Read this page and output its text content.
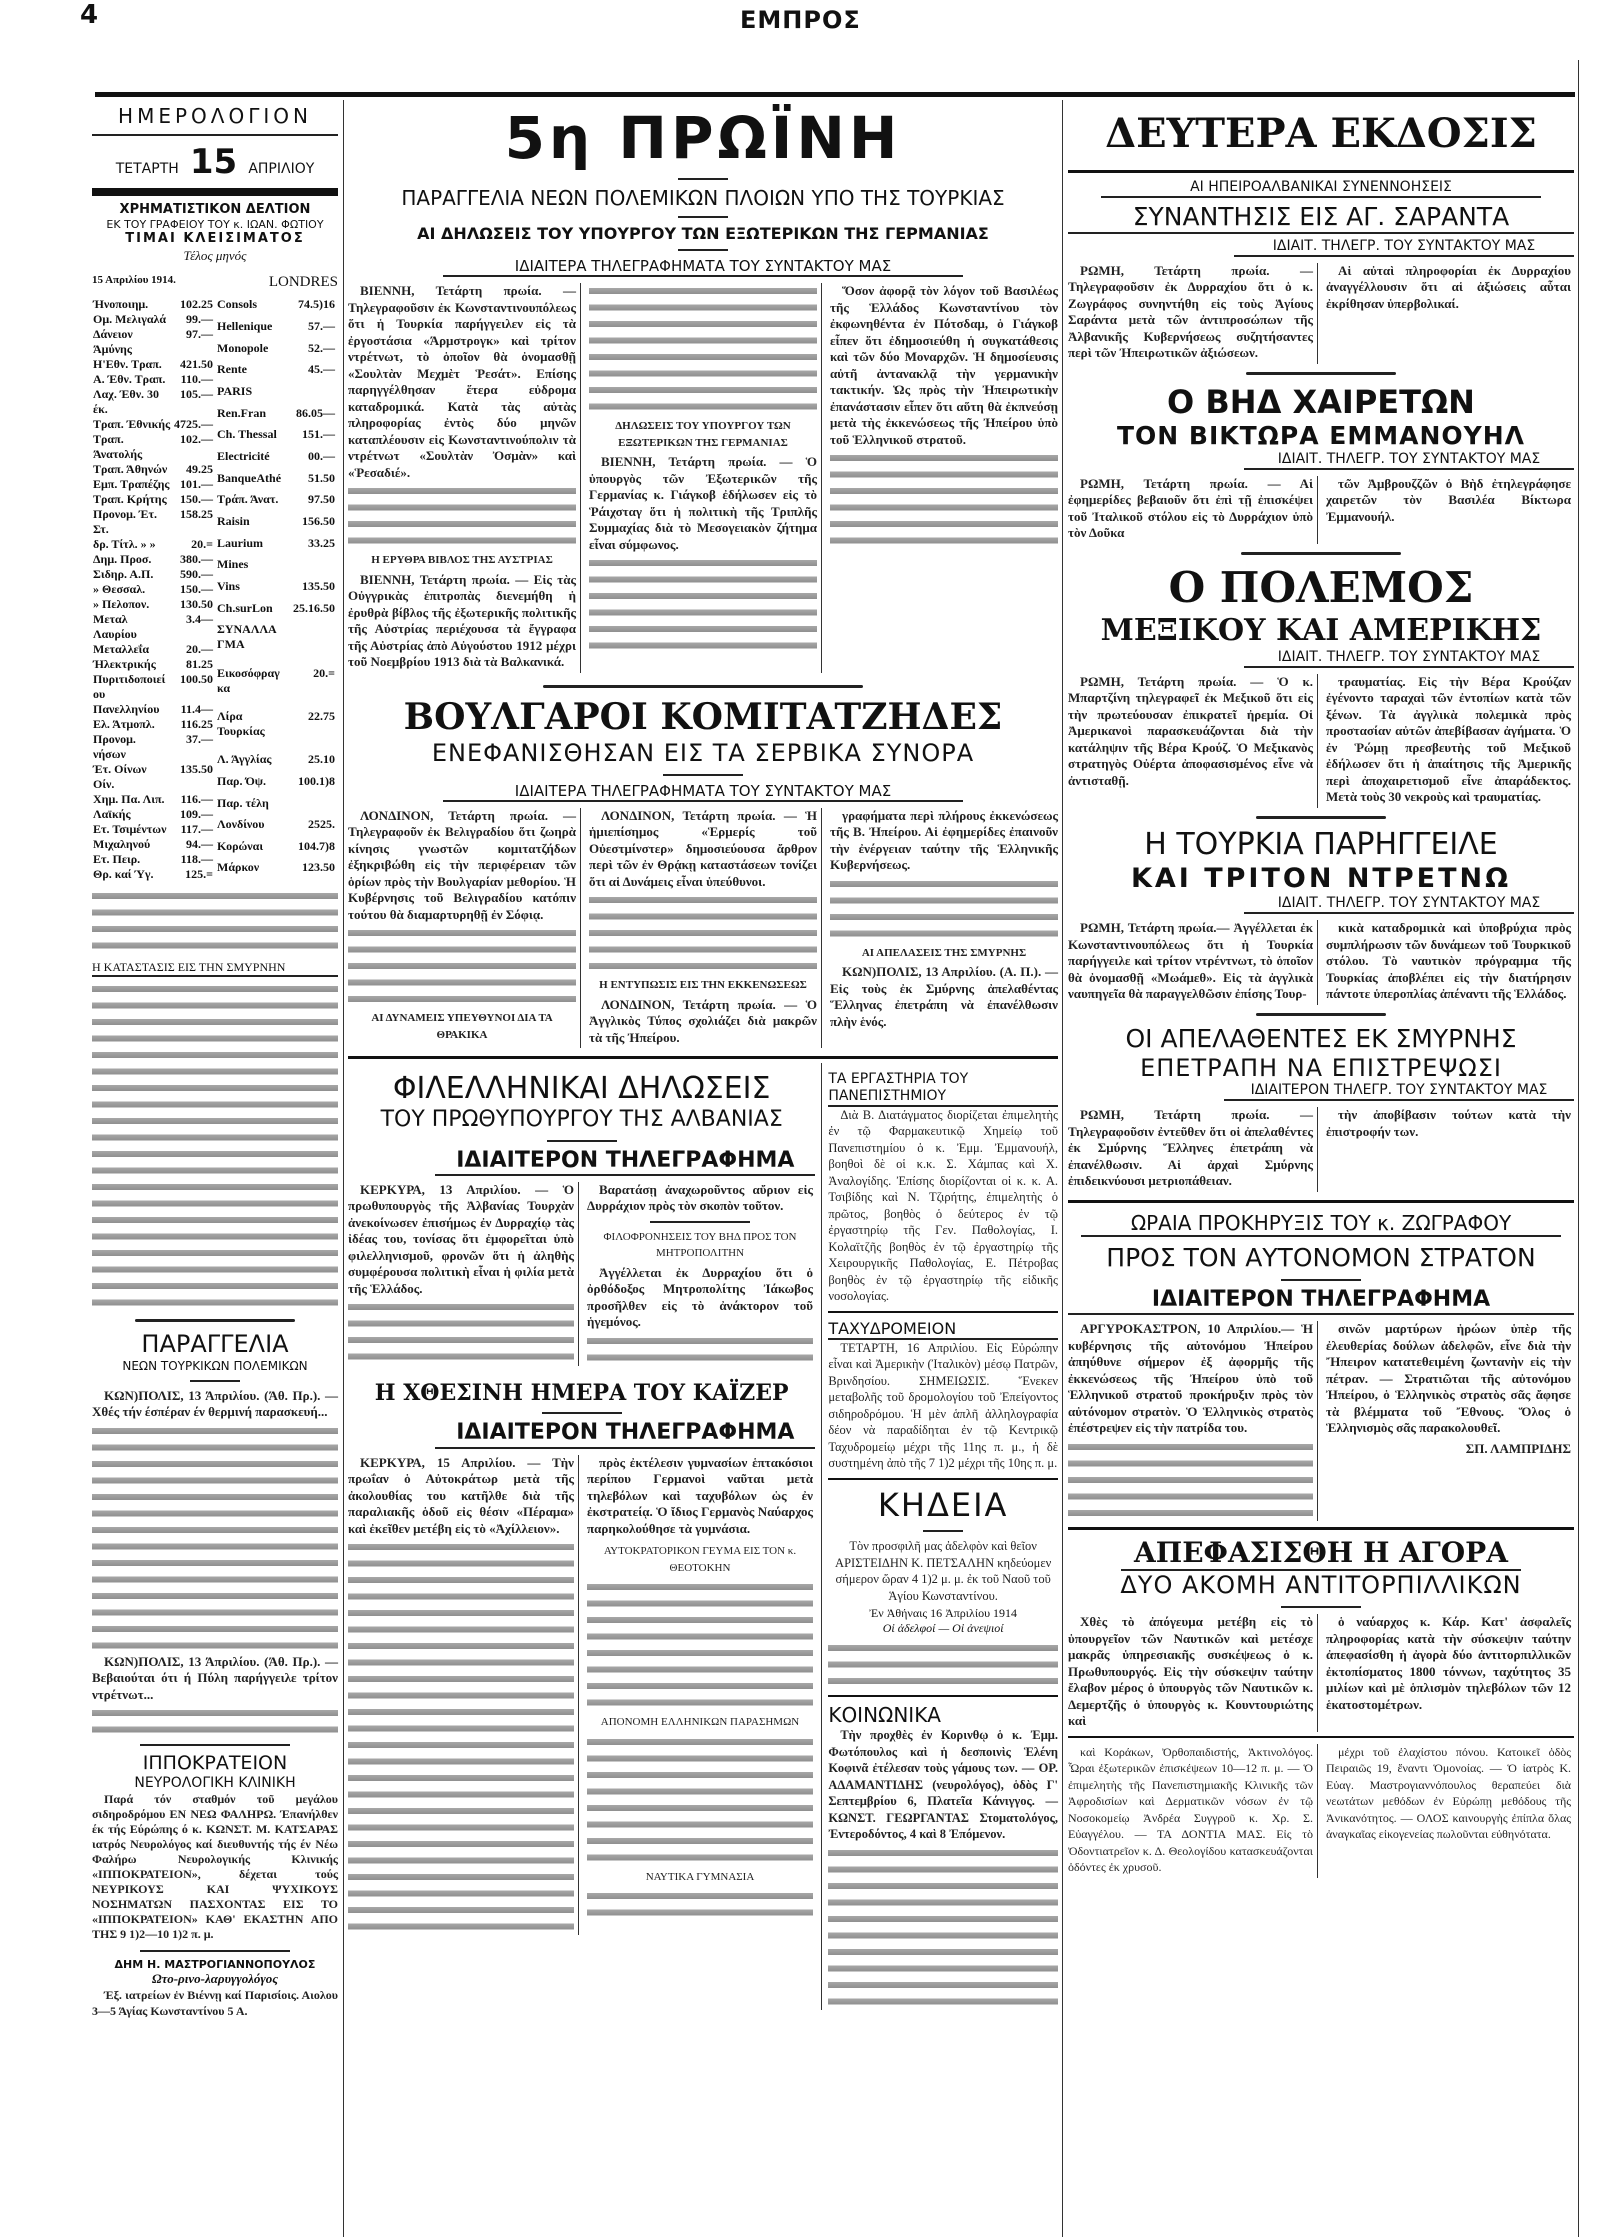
4	ΕΜΠΡΟΣ
ΗΜΕΡΟΛΟΓΙΟΝ
ΤΕΤΑΡΤΗ 15 ΑΠΡΙΛΙΟΥ
ΧΡΗΜΑΤΙΣΤΙΚΟΝ ΔΕΛΤΙΟΝ
ΕΚ ΤΟΥ ΓΡΑΦΕΙΟΥ ΤΟΥ κ. ΙΩΑΝ. ΦΩΤΙΟΥ
ΤΙΜΑΙ ΚΛΕΙΣΙΜΑΤΟΣ
Τέλος μηνός
15 Απριλίου 1914.	LONDRES
Ήνοποιημ.	102.25
Ομ. Μελιγαλά	99.—
Δάνειον Άμύνης	97.—
Η'Εθν. Τραπ.	421.50
Α. Έθν. Τραπ.	110.—
Λαχ. Έθν. 30 έκ.	105.—
Τραπ. Έθνικής	4725.—
Τραπ. Άνατολής	102.—
Τραπ. Άθηνών	49.25
Εμπ. Τραπέζης	101.—
Τραπ. Κρήτης	150.—
Προνομ. Έτ. Στ.	158.25
δρ. Τίτλ. » »	20.=
Δημ. Προσ.	380.—
Σιδηρ. Α.Π.	590.—
» Θεσσαλ.	150.—
» Πελοπον.	130.50
Μεταλ Λαυρίου	3.4—
Μεταλλεΐα	20.—
Ήλεκτρικής	81.25
Πυριτιδοποιείου	100.50
Πανελληνίου	11.4—
Ελ. Άτμοπλ.	116.25
Προνομ. νήσων	37.—
Έτ. Οίνων Οίν.	135.50
Χημ. Πα. Λιπ.	116.—
Λαϊκής	109.—
Ετ. Τσιμέντων	117.—
Μιχαληνού	94.—
Ετ. Πειρ.	118.—
Θρ. καί Ύγ.	125.=
Consols	74.5)16
Hellenique	57.—
Monopole	52.—
Rente	45.—
PARIS	
Ren.Fran	86.05—

Ch. Thessal	151.—
Electricité	00.—
BanqueAthé	51.50
Τράπ. Άνατ.	97.50
Raisin	156.50
Laurium	33.25
Mines	
Vins	135.50
Ch.surLon	25.16.50
ΣΥΝΑΛΛΑΓΜΑ	
Εικοσόφραγκα	20.=
Λίρα Τουρκίας	22.75
Λ. Άγγλίας	25.10
Παρ. Όψ.	100.1)8
Παρ. τέλη	
Λονδίνου	2525.
Κορώναι	104.7)8
Μάρκον	123.50
Η ΚΑΤΑΣΤΑΣΙΣ ΕΙΣ ΤΗΝ ΣΜΥΡΝΗΝ
ΠΑΡΑΓΓΕΛΙΑ
ΝΕΩΝ ΤΟΥΡΚΙΚΩΝ ΠΟΛΕΜΙΚΩΝ

ΚΩΝ)ΠΟΛΙΣ, 13 Άπριλίου. (Άθ. Πρ.). — Χθές τήν έσπέραν έν θερμινή παρασκευή...

ΚΩΝ)ΠΟΛΙΣ, 13 Άπριλίου. (Άθ. Πρ.). — Βεβαιούται ότι ή Πύλη παρήγγειλε τρίτον ντρέτνωτ...

ΙΠΠΟΚΡΑΤΕΙΟΝ
ΝΕΥΡΟΛΟΓΙΚΗ ΚΛΙΝΙΚΗ

Παρά τόν σταθμόν τοῦ μεγάλου σιδηροδρόμου ΕΝ ΝΕΩ ΦΑΛΗΡΩ. Έπανήλθεν έκ τής Εύρώπης ό κ. ΚΩΝΣΤ. Μ. ΚΑΤΣΑΡΑΣ ιατρός Νευρολόγος καί διευθυντής τής έν Νέω Φαλήρω Νευρολογικής Κλινικής «ΙΠΠΟΚΡΑΤΕΙΟΝ», δέχεται τούς ΝΕΥΡΙΚΟΥΣ ΚΑΙ ΨΥΧΙΚΟΥΣ ΝΟΣΗΜΑΤΩΝ ΠΑΣΧΟΝΤΑΣ ΕΙΣ ΤΟ «ΙΠΠΟΚΡΑΤΕΙΟΝ» ΚΑΘ' ΕΚΑΣΤΗΝ ΑΠΟ ΤΗΣ 9 1)2—10 1)2 π. μ.

ΔΗΜ Η. ΜΑΣΤΡΟΓΙΑΝΝΟΠΟΥΛΟΣ
Ωτο-ρινο-λαρυγγολόγος

Έξ. ιατρείων ἐν Βιέννῃ καί Παρισίοις. Αιολου 3—5 Άγίας Κωνσταντίνου 5 Α.

5η ΠΡΩΪΝΗ
ΠΑΡΑΓΓΕΛΙΑ ΝΕΩΝ ΠΟΛΕΜΙΚΩΝ ΠΛΟΙΩΝ ΥΠΟ ΤΗΣ ΤΟΥΡΚΙΑΣ
ΑΙ ΔΗΛΩΣΕΙΣ ΤΟΥ ΥΠΟΥΡΓΟΥ ΤΩΝ ΕΞΩΤΕΡΙΚΩΝ ΤΗΣ ΓΕΡΜΑΝΙΑΣ
ΙΔΙΑΙΤΕΡΑ ΤΗΛΕΓΡΑΦΗΜΑΤΑ ΤΟΥ ΣΥΝΤΑΚΤΟΥ ΜΑΣ

ΒΙΕΝΝΗ, Τετάρτη πρωία. — Τηλεγραφοῦσιν ἐκ Κωνσταντινουπόλεως ὅτι ἡ Τουρκία παρήγγειλεν εἰς τὰ ἐργοστάσια «Άρμστρογκ» καὶ τρίτον ντρέτνωτ, τὸ ὁποῖον θὰ ὀνομασθῇ «Σουλτὰν Μεχμὲτ Ῥεσάτ». Επίσης παρηγγέλθησαν ἕτερα εὐδρομα καταδρομικά. Κατὰ τὰς αὐτὰς πληροφορίας ἐντὸς δύο μηνῶν καταπλέουσιν εἰς Κωνσταντινούπολιν τὰ ντρέτνωτ «Σουλτὰν Ὀσμὰν» καὶ «Ῥεσαδιέ».

Η ΕΡΥΘΡΑ ΒΙΒΛΟΣ ΤΗΣ ΑΥΣΤΡΙΑΣ

ΒΙΕΝΝΗ, Τετάρτη πρωία. — Εἰς τὰς Οὐγγρικὰς ἐπιτροπὰς διενεμήθη ἡ ἐρυθρὰ βίβλος τῆς ἐξωτερικῆς πολιτικῆς τῆς Αὐστρίας περιέχουσα τὰ ἔγγραφα τῆς Αὐστρίας ἀπὸ Αὐγούστου 1912 μέχρι τοῦ Νοεμβρίου 1913 διὰ τὰ Βαλκανικά.

ΔΗΛΩΣΕΙΣ ΤΟΥ ΥΠΟΥΡΓΟΥ ΤΩΝ ΕΞΩΤΕΡΙΚΩΝ ΤΗΣ ΓΕΡΜΑΝΙΑΣ

ΒΙΕΝΝΗ, Τετάρτη πρωία. — Ὁ ὑπουργὸς τῶν Ἐξωτερικῶν τῆς Γερμανίας κ. Γιάγκοβ ἐδήλωσεν εἰς τὸ Ῥάιχσταγ ὅτι ἡ πολιτικὴ τῆς Τριπλῆς Συμμαχίας διὰ τὸ Μεσογειακὸν ζήτημα εἶναι σύμφωνος.

Ὅσον ἀφορᾷ τὸν λόγον τοῦ Βασιλέως τῆς Ἑλλάδος Κωνσταντίνου τὸν ἐκφωνηθέντα ἐν Πότσδαμ, ὁ Γιάγκοβ εἶπεν ὅτι ἐδημοσιεύθη ἡ συγκατάθεσις καὶ τῶν δύο Μοναρχῶν. Ἡ δημοσίευσις αὐτῆ ἀντανακλᾷ τὴν γερμανικὴν τακτικήν. Ὡς πρὸς τὴν Ἠπειρωτικὴν ἐπανάστασιν εἶπεν ὅτι αὕτη θὰ ἐκπνεύσῃ μετὰ τὴς ἐκκενώσεως τῆς Ἠπείρου ὑπὸ τοῦ Ἑλληνικοῦ στρατοῦ.

ΒΟΥΛΓΑΡΟΙ ΚΟΜΙΤΑΤΖΗΔΕΣ
ΕΝΕΦΑΝΙΣΘΗΣΑΝ ΕΙΣ ΤΑ ΣΕΡΒΙΚΑ ΣΥΝΟΡΑ
ΙΔΙΑΙΤΕΡΑ ΤΗΛΕΓΡΑΦΗΜΑΤΑ ΤΟΥ ΣΥΝΤΑΚΤΟΥ ΜΑΣ

ΛΟΝΔΙΝΟΝ, Τετάρτη πρωία. — Τηλεγραφοῦν ἐκ Βελιγραδίου ὅτι ζωηρὰ κίνησις γνωστῶν κομιτατζήδων ἐξηκριβώθη εἰς τὴν περιφέρειαν τῶν ὁρίων πρὸς τὴν Βουλγαρίαν μεθορίου. Ἡ Κυβέρνησις τοῦ Βελιγραδίου κατόπιν τούτου θὰ διαμαρτυρηθῇ ἐν Σόφιᾳ.

ΑΙ ΔΥΝΑΜΕΙΣ ΥΠΕΥΘΥΝΟΙ ΔΙΑ ΤΑ ΘΡΑΚΙΚΑ

ΛΟΝΔΙΝΟΝ, Τετάρτη πρωία. — Ἡ ἡμιεπίσημος «Ἑρμερίς τοῦ Οὐεστμίνστερ» δημοσιεύουσα ἄρθρον περὶ τῶν ἐν Θρᾴκῃ καταστάσεων τονίζει ὅτι αἱ Δυνάμεις εἶναι ὑπεύθυνοι.

Η ΕΝΤΥΠΩΣΙΣ ΕΙΣ ΤΗΝ ΕΚΚΕΝΩΣΕΩΣ

ΛΟΝΔΙΝΟΝ, Τετάρτη πρωία. — Ὁ Ἀγγλικὸς Τύπος σχολιάζει διὰ μακρῶν τὰ τῆς Ἠπείρου.

γραφήματα περὶ πλήρους ἐκκενώσεως τῆς Β. Ἠπείρου. Αἱ ἐφημερίδες ἐπαινοῦν τὴν ἐνέργειαν ταύτην τῆς Ἑλληνικῆς Κυβερνήσεως.

ΑΙ ΑΠΕΛΑΣΕΙΣ ΤΗΣ ΣΜΥΡΝΗΣ

ΚΩΝ)ΠΟΛΙΣ, 13 Απριλίου. (Α. Π.). — Εἰς τοὺς ἐκ Σμύρνης ἀπελαθέντας Ἕλληνας ἐπετράπη νὰ ἐπανέλθωσιν πλὴν ἑνός.

ΦΙΛΕΛΛΗΝΙΚΑΙ ΔΗΛΩΣΕΙΣ
ΤΟΥ ΠΡΩΘΥΠΟΥΡΓΟΥ ΤΗΣ ΑΛΒΑΝΙΑΣ
ΙΔΙΑΙΤΕΡΟΝ ΤΗΛΕΓΡΑΦΗΜΑ

ΚΕΡΚΥΡΑ, 13 Απριλίου. — Ὁ πρωθυπουργὸς τῆς Ἀλβανίας Τουρχὰν ἀνεκοίνωσεν ἐπισήμως ἐν Δυρραχίῳ τὰς ἰδέας του, τονίσας ὅτι ἐμφορεῖται ὑπὸ φιλελληνισμοῦ, φρονῶν ὅτι ἡ ἀληθὴς συμφέρουσα πολιτικὴ εἶναι ἡ φιλία μετὰ τῆς Ἑλλάδος.

Βαρατάσῃ ἀναχωροῦντος αὔριον εἰς Δυρράχιον πρὸς τὸν σκοπὸν τοῦτον.

ΦΙΛΟΦΡΟΝΗΣΕΙΣ ΤΟΥ ΒΗΔ ΠΡΟΣ ΤΟΝ ΜΗΤΡΟΠΟΛΙΤΗΝ

Ἀγγέλλεται ἐκ Δυρραχίου ὅτι ὁ ὀρθόδοξος Μητροπολίτης Ἰάκωβος προσῆλθεν εἰς τὸ ἀνάκτορον τοῦ ἡγεμόνος.

Η ΧΘΕΣΙΝΗ ΗΜΕΡΑ ΤΟΥ ΚΑΪΖΕΡ
ΙΔΙΑΙΤΕΡΟΝ ΤΗΛΕΓΡΑΦΗΜΑ

ΚΕΡΚΥΡΑ, 15 Απριλίου. — Τὴν πρωΐαν ὁ Αὐτοκράτωρ μετὰ τῆς ἀκολουθίας του κατῆλθε διὰ τῆς παραλιακῆς ὁδοῦ εἰς θέσιν «Πέραμα» καὶ ἐκεῖθεν μετέβη εἰς τὸ «Ἀχίλλειον».

πρὸς ἐκτέλεσιν γυμνασίων ἑπτακόσιοι περίπου Γερμανοὶ ναῦται μετὰ τηλεβόλων καὶ ταχυβόλων ὡς ἐν ἐκστρατείᾳ. Ὁ ἴδιος Γερμανὸς Ναύαρχος παρηκολούθησε τὰ γυμνάσια.

ΑΥΤΟΚΡΑΤΟΡΙΚΟΝ ΓΕΥΜΑ ΕΙΣ ΤΟΝ κ. ΘΕΟΤΟΚΗΝ
ΑΠΟΝΟΜΗ ΕΛΛΗΝΙΚΩΝ ΠΑΡΑΣΗΜΩΝ
ΝΑΥΤΙΚΑ ΓΥΜΝΑΣΙΑ
ΤΑ ΕΡΓΑΣΤΗΡΙΑ ΤΟΥ ΠΑΝΕΠΙΣΤΗΜΙΟΥ

Διὰ Β. Διατάγματος διορίζεται ἐπιμελητὴς ἐν τῷ Φαρμακευτικῷ Χημείῳ τοῦ Πανεπιστημίου ὁ κ. Ἐμμ. Ἐμμανουήλ, βοηθοὶ δὲ οἱ κ.κ. Σ. Χάμπας καὶ Χ. Ἀναλογίδης. Ἐπίσης διορίζονται οἱ κ. κ. Α. Τσιβίδης καὶ Ν. Τζιρήτης, ἐπιμελητὴς ὁ πρῶτος, βοηθὸς ὁ δεύτερος ἐν τῷ ἐργαστηρίῳ τῆς Γεν. Παθολογίας, Ι. Κολαϊτζῆς βοηθὸς ἐν τῷ ἐργαστηρίῳ τῆς Χειρουργικῆς Παθολογίας, Ε. Πέτροβας βοηθὸς ἐν τῷ ἐργαστηρίῳ τῆς εἰδικῆς νοσολογίας.

ΤΑΧΥΔΡΟΜΕΙΟΝ

ΤΕΤΑΡΤΗ, 16 Απριλίου. Εἰς Εὐρώπην εἶναι καὶ Ἀμερικὴν (Ἰταλικὸν) μέσῳ Πατρῶν, Βρινδησίου. ΣΗΜΕΙΩΣΙΣ. Ἕνεκεν μεταβολῆς τοῦ δρομολογίου τοῦ Ἐπείγοντος σιδηροδρόμου. Ἡ μὲν ἁπλῆ ἀλληλογραφία δέον νὰ παραδίδηται ἐν τῷ Κεντρικῷ Ταχυδρομείῳ μέχρι τῆς 11ης π. μ., ἡ δὲ συστημένη ἀπὸ τῆς 7 1)2 μέχρι τῆς 10ης π. μ.

ΚΗΔΕΙΑ

Τὸν προσφιλῆ μας ἀδελφὸν καὶ θεῖον ΑΡΙΣΤΕΙΔΗΝ Κ. ΠΕΤΣΑΛΗΝ κηδεύομεν σήμερον ὥραν 4 1)2 μ. μ. ἐκ τοῦ Ναοῦ τοῦ Ἁγίου Κωνσταντίνου.

Ἐν Ἀθήναις 16 Ἀπριλίου 1914
Οἱ ἀδελφοί — Οἱ ἀνεψιοί
ΚΟΙΝΩΝΙΚΑ

Τὴν προχθὲς ἐν Κορινθῳ ὁ κ. Ἐμμ. Φωτόπουλος καὶ ἡ δεσποινὶς Ἑλένη Κοφινᾶ ἐτέλεσαν τοὺς γάμους των. — ΟΡ. ΑΔΑΜΑΝΤΙΔΗΣ (νευρολόγος), ὁδὸς Γ' Σεπτεμβρίου 6, Πλατεῖα Κάνιγγος. — ΚΩΝΣΤ. ΓΕΩΡΓΑΝΤΑΣ Στοματολόγος, Ἐντεροδόντος, 4 καὶ 8 Ἐπόμενον.

ΔΕΥΤΕΡΑ ΕΚΔΟΣΙΣ
ΑΙ ΗΠΕΙΡΟΑΛΒΑΝΙΚΑΙ ΣΥΝΕΝΝΟΗΣΕΙΣ
ΣΥΝΑΝΤΗΣΙΣ ΕΙΣ ΑΓ. ΣΑΡΑΝΤΑ
ΙΔΙΑΙΤ. ΤΗΛΕΓΡ. ΤΟΥ ΣΥΝΤΑΚΤΟΥ ΜΑΣ

ΡΩΜΗ, Τετάρτη πρωία. — Τηλεγραφοῦσιν ἐκ Δυρραχίου ὅτι ὁ κ. Ζωγράφος συνηντήθη εἰς τοὺς Ἁγίους Σαράντα μετὰ τῶν ἀντιπροσώπων τῆς Ἀλβανικῆς Κυβερνήσεως συζητήσαντες περὶ τῶν Ἠπειρωτικῶν ἀξιώσεων.

Αἱ αὐταὶ πληροφορίαι ἐκ Δυρραχίου ἀναγγέλλουσιν ὅτι αἱ ἀξιώσεις αὗται ἐκρίθησαν ὑπερβολικαί.

Ο ΒΗΔ ΧΑΙΡΕΤΩΝ
ΤΟΝ ΒΙΚΤΩΡΑ ΕΜΜΑΝΟΥΗΛ
ΙΔΙΑΙΤ. ΤΗΛΕΓΡ. ΤΟΥ ΣΥΝΤΑΚΤΟΥ ΜΑΣ

ΡΩΜΗ, Τετάρτη πρωία. — Αἱ ἐφημερίδες βεβαιοῦν ὅτι ἐπὶ τῇ ἐπισκέψει τοῦ Ἰταλικοῦ στόλου εἰς τὸ Δυρράχιον ὑπὸ τὸν Δοῦκα

τῶν Ἀμβρουζζῶν ὁ Βὴδ ἐτηλεγράφησε χαιρετῶν τὸν Βασιλέα Βίκτωρα Ἐμμανουήλ.

Ο ΠΟΛΕΜΟΣ
ΜΕΞΙΚΟΥ ΚΑΙ ΑΜΕΡΙΚΗΣ
ΙΔΙΑΙΤ. ΤΗΛΕΓΡ. ΤΟΥ ΣΥΝΤΑΚΤΟΥ ΜΑΣ

ΡΩΜΗ, Τετάρτη πρωία. — Ὁ κ. Μπαρτζίνη τηλεγραφεῖ ἐκ Μεξικοῦ ὅτι εἰς τὴν πρωτεύουσαν ἐπικρατεῖ ἠρεμία. Οἱ Ἀμερικανοὶ παρασκευάζονται διὰ τὴν κατάληψιν τῆς Βέρα Κρούζ. Ὁ Μεξικανὸς στρατηγὸς Οὐέρτα ἀποφασισμένος εἶνε νὰ ἀντισταθῇ.

τραυματίας. Εἰς τὴν Βέρα Κρούζαν ἐγένοντο ταραχαὶ τῶν ἐντοπίων κατὰ τῶν ξένων. Τὰ ἀγγλικὰ πολεμικὰ πρὸς προστασίαν αὐτῶν ἀπεβίβασαν ἀγήματα. Ὁ ἐν Ῥώμῃ πρεσβευτὴς τοῦ Μεξικοῦ ἐδήλωσεν ὅτι ἡ ἀπαίτησις τῆς Ἀμερικῆς περὶ ἀποχαιρετισμοῦ εἶνε ἀπαράδεκτος. Μετὰ τοὺς 30 νεκροὺς καὶ τραυματίας.

Η ΤΟΥΡΚΙΑ ΠΑΡΗΓΓΕΙΛΕ
ΚΑΙ ΤΡΙΤΟΝ ΝΤΡΕΤΝΩ
ΙΔΙΑΙΤ. ΤΗΛΕΓΡ. ΤΟΥ ΣΥΝΤΑΚΤΟΥ ΜΑΣ

ΡΩΜΗ, Τετάρτη πρωία.— Ἀγγέλλεται ἐκ Κωνσταντινουπόλεως ὅτι ἡ Τουρκία παρήγγειλε καὶ τρίτον ντρέντνωτ, τὸ ὁποῖον θὰ ὀνομασθῇ «Μωάμεθ». Εἰς τὰ ἀγγλικὰ ναυπηγεῖα θὰ παραγγελθῶσιν ἐπίσης Τουρ-

κικὰ καταδρομικὰ καὶ ὑποβρύχια πρὸς συμπλήρωσιν τῶν δυνάμεων τοῦ Τουρκικοῦ στόλου. Τὸ ναυτικὸν πρόγραμμα τῆς Τουρκίας ἀποβλέπει εἰς τὴν διατήρησιν πάντοτε ὑπεροπλίας ἀπέναντι τῆς Ἑλλάδος.

ΟΙ ΑΠΕΛΑΘΕΝΤΕΣ ΕΚ ΣΜΥΡΝΗΣ
ΕΠΕΤΡΑΠΗ ΝΑ ΕΠΙΣΤΡΕΨΩΣΙ
ΙΔΙΑΙΤΕΡΟΝ ΤΗΛΕΓΡ. ΤΟΥ ΣΥΝΤΑΚΤΟΥ ΜΑΣ

ΡΩΜΗ, Τετάρτη πρωία. — Τηλεγραφοῦσιν ἐντεῦθεν ὅτι οἱ ἀπελαθέντες ἐκ Σμύρνης Ἕλληνες ἐπετράπη νὰ ἐπανέλθωσιν. Αἱ ἀρχαὶ Σμύρνης ἐπιδεικνύουσι μετριοπάθειαν.

τὴν ἀποβίβασιν τούτων κατὰ τὴν ἐπιστροφήν των.

ΩΡΑΙΑ ΠΡΟΚΗΡΥΞΙΣ ΤΟΥ κ. ΖΩΓΡΑΦΟΥ
ΠΡΟΣ ΤΟΝ ΑΥΤΟΝΟΜΟΝ ΣΤΡΑΤΟΝ
ΙΔΙΑΙΤΕΡΟΝ ΤΗΛΕΓΡΑΦΗΜΑ

ΑΡΓΥΡΟΚΑΣΤΡΟΝ, 10 Απριλίου.— Ἡ κυβέρνησις τῆς αὐτονόμου Ἠπείρου ἀπηύθυνε σήμερον ἐξ ἀφορμῆς τῆς ἐκκενώσεως τῆς Ἠπείρου ὑπὸ τοῦ Ἑλληνικοῦ στρατοῦ προκήρυξιν πρὸς τὸν αὐτόνομον στρατὸν. Ὁ Ἑλληνικὸς στρατὸς ἐπέστρεψεν εἰς τὴν πατρίδα του.

σινῶν μαρτύρων ἡρώων ὑπὲρ τῆς ἐλευθερίας δούλων ἀδελφῶν, εἶνε διὰ τὴν Ἤπειρον κατατεθειμένη ζωντανὴν εἰς τὴν πέτραν. — Στρατιῶται τῆς αὐτονόμου Ἠπείρου, ὁ Ἑλληνικὸς στρατὸς σᾶς ἄφησε τὰ βλέμματα τοῦ Ἔθνους. Ὅλος ὁ Ἑλληνισμὸς σᾶς παρακολουθεῖ.

ΣΠ. ΛΑΜΠΡΙΔΗΣ
ΑΠΕΦΑΣΙΣΘΗ Η ΑΓΟΡΑ
ΔΥΟ ΑΚΟΜΗ ΑΝΤΙΤΟΡΠΙΛΛΙΚΩΝ

Χθὲς τὸ ἀπόγευμα μετέβη εἰς τὸ ὑπουργεῖον τῶν Ναυτικῶν καὶ μετέσχε μακρᾶς ὑπηρεσιακῆς συσκέψεως ὁ κ. Πρωθυπουργός. Εἰς τὴν σύσκεψιν ταύτην ἔλαβον μέρος ὁ ὑπουργὸς τῶν Ναυτικῶν κ. Δεμερτζῆς ὁ ὑπουργὸς κ. Κουντουριώτης καὶ

ὁ ναύαρχος κ. Κάρ. Κατ' ἀσφαλεῖς πληροφορίας κατὰ τὴν σύσκεψιν ταύτην ἀπεφασίσθη ἡ ἀγορὰ δύο ἀντιτορπιλλικῶν ἐκτοπίσματος 1800 τόννων, ταχύτητος 35 μιλίων καὶ μὲ ὁπλισμὸν τηλεβόλων τῶν 12 ἑκατοστομέτρων.

καὶ Κοράκων, Ὀρθοπαιδιστής, Ἀκτινολόγος. Ὧραι ἐξωτερικῶν ἐπισκέψεων 10—12 π. μ. — Ὁ ἐπιμελητὴς τῆς Πανεπιστημιακῆς Κλινικῆς τῶν Ἀφροδισίων καὶ Δερματικῶν νόσων ἐν τῷ Νοσοκομείῳ Ἀνδρέα Συγγροῦ κ. Χρ. Σ. Εὐαγγέλου. — ΤΑ ΔΟΝΤΙΑ ΜΑΣ. Εἰς τὸ Ὀδοντιατρεῖον κ. Δ. Θεολογίδου κατασκευάζονται ὀδόντες ἐκ χρυσοῦ.

μέχρι τοῦ ἐλαχίστου πόνου. Κατοικεῖ ὁδὸς Πειραιῶς 19, ἔναντι Ὁμονοίας. — Ὁ ἰατρὸς Κ. Εὐαγ. Μαστρογιαννόπουλος θεραπεύει διὰ νεωτάτων μεθόδων ἐν Εὐρώπῃ μεθόδους τῆς Ἀνικανότητος. — ΟΛΟΣ καινουργὴς ἐπίπλα ὅλας ἀναγκαῖας εἰκογενείας πωλοῦνται εὐθηνότατα.
